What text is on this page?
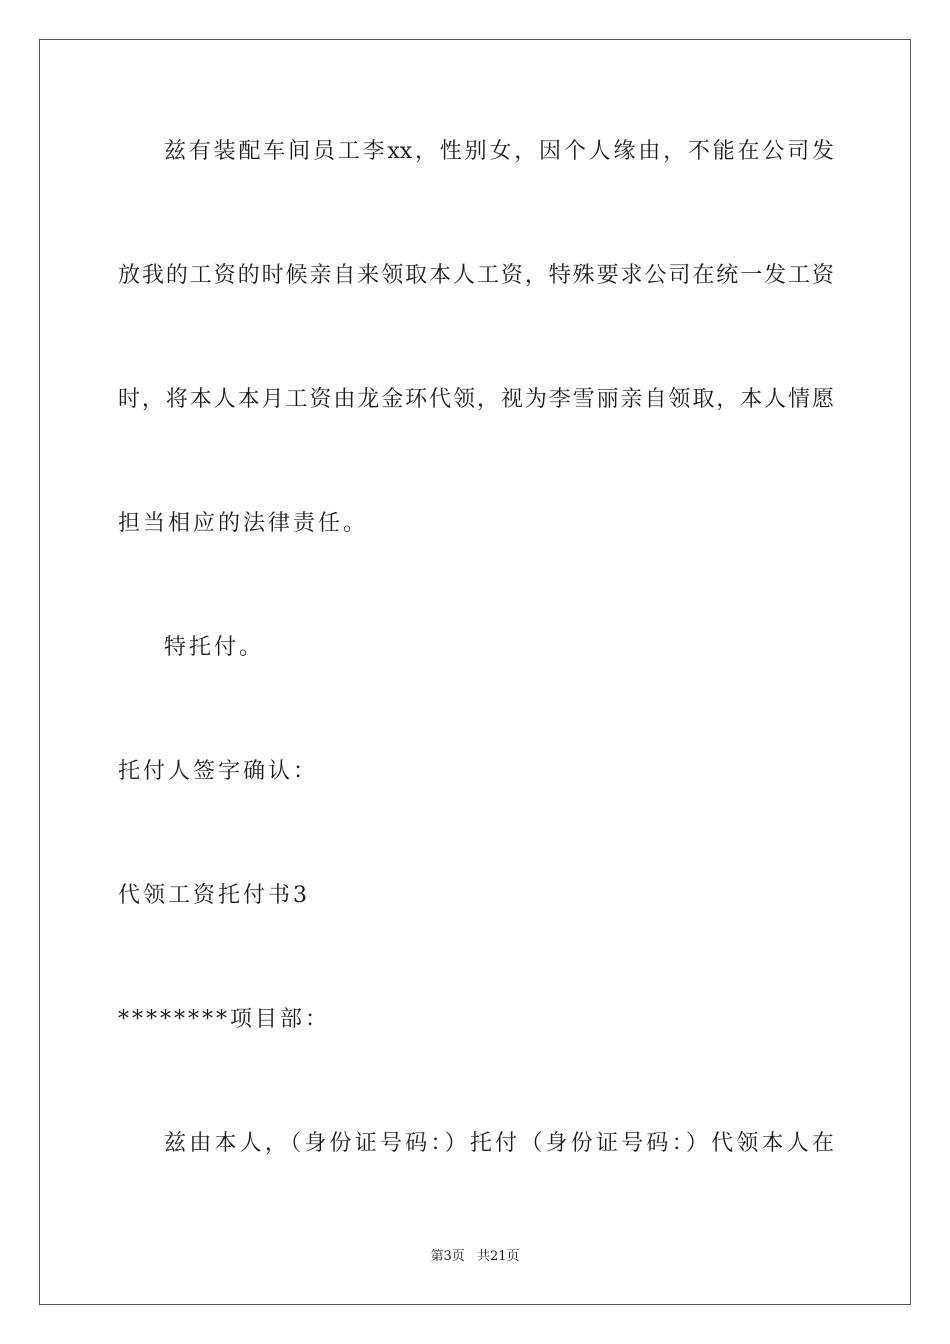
兹有装配车间员工李xx，性别女，因个人缘由，不能在公司发
放我的工资的时候亲自来领取本人工资，特殊要求公司在统一发工资
时，将本人本月工资由龙金环代领，视为李雪丽亲自领取，本人情愿
担当相应的法律责任。
特托付。
托付人签字确认：
代领工资托付书3
********项目部：
兹由本人，（身份证号码：）托付（身份证号码：）代领本人在
第3页 共21页
